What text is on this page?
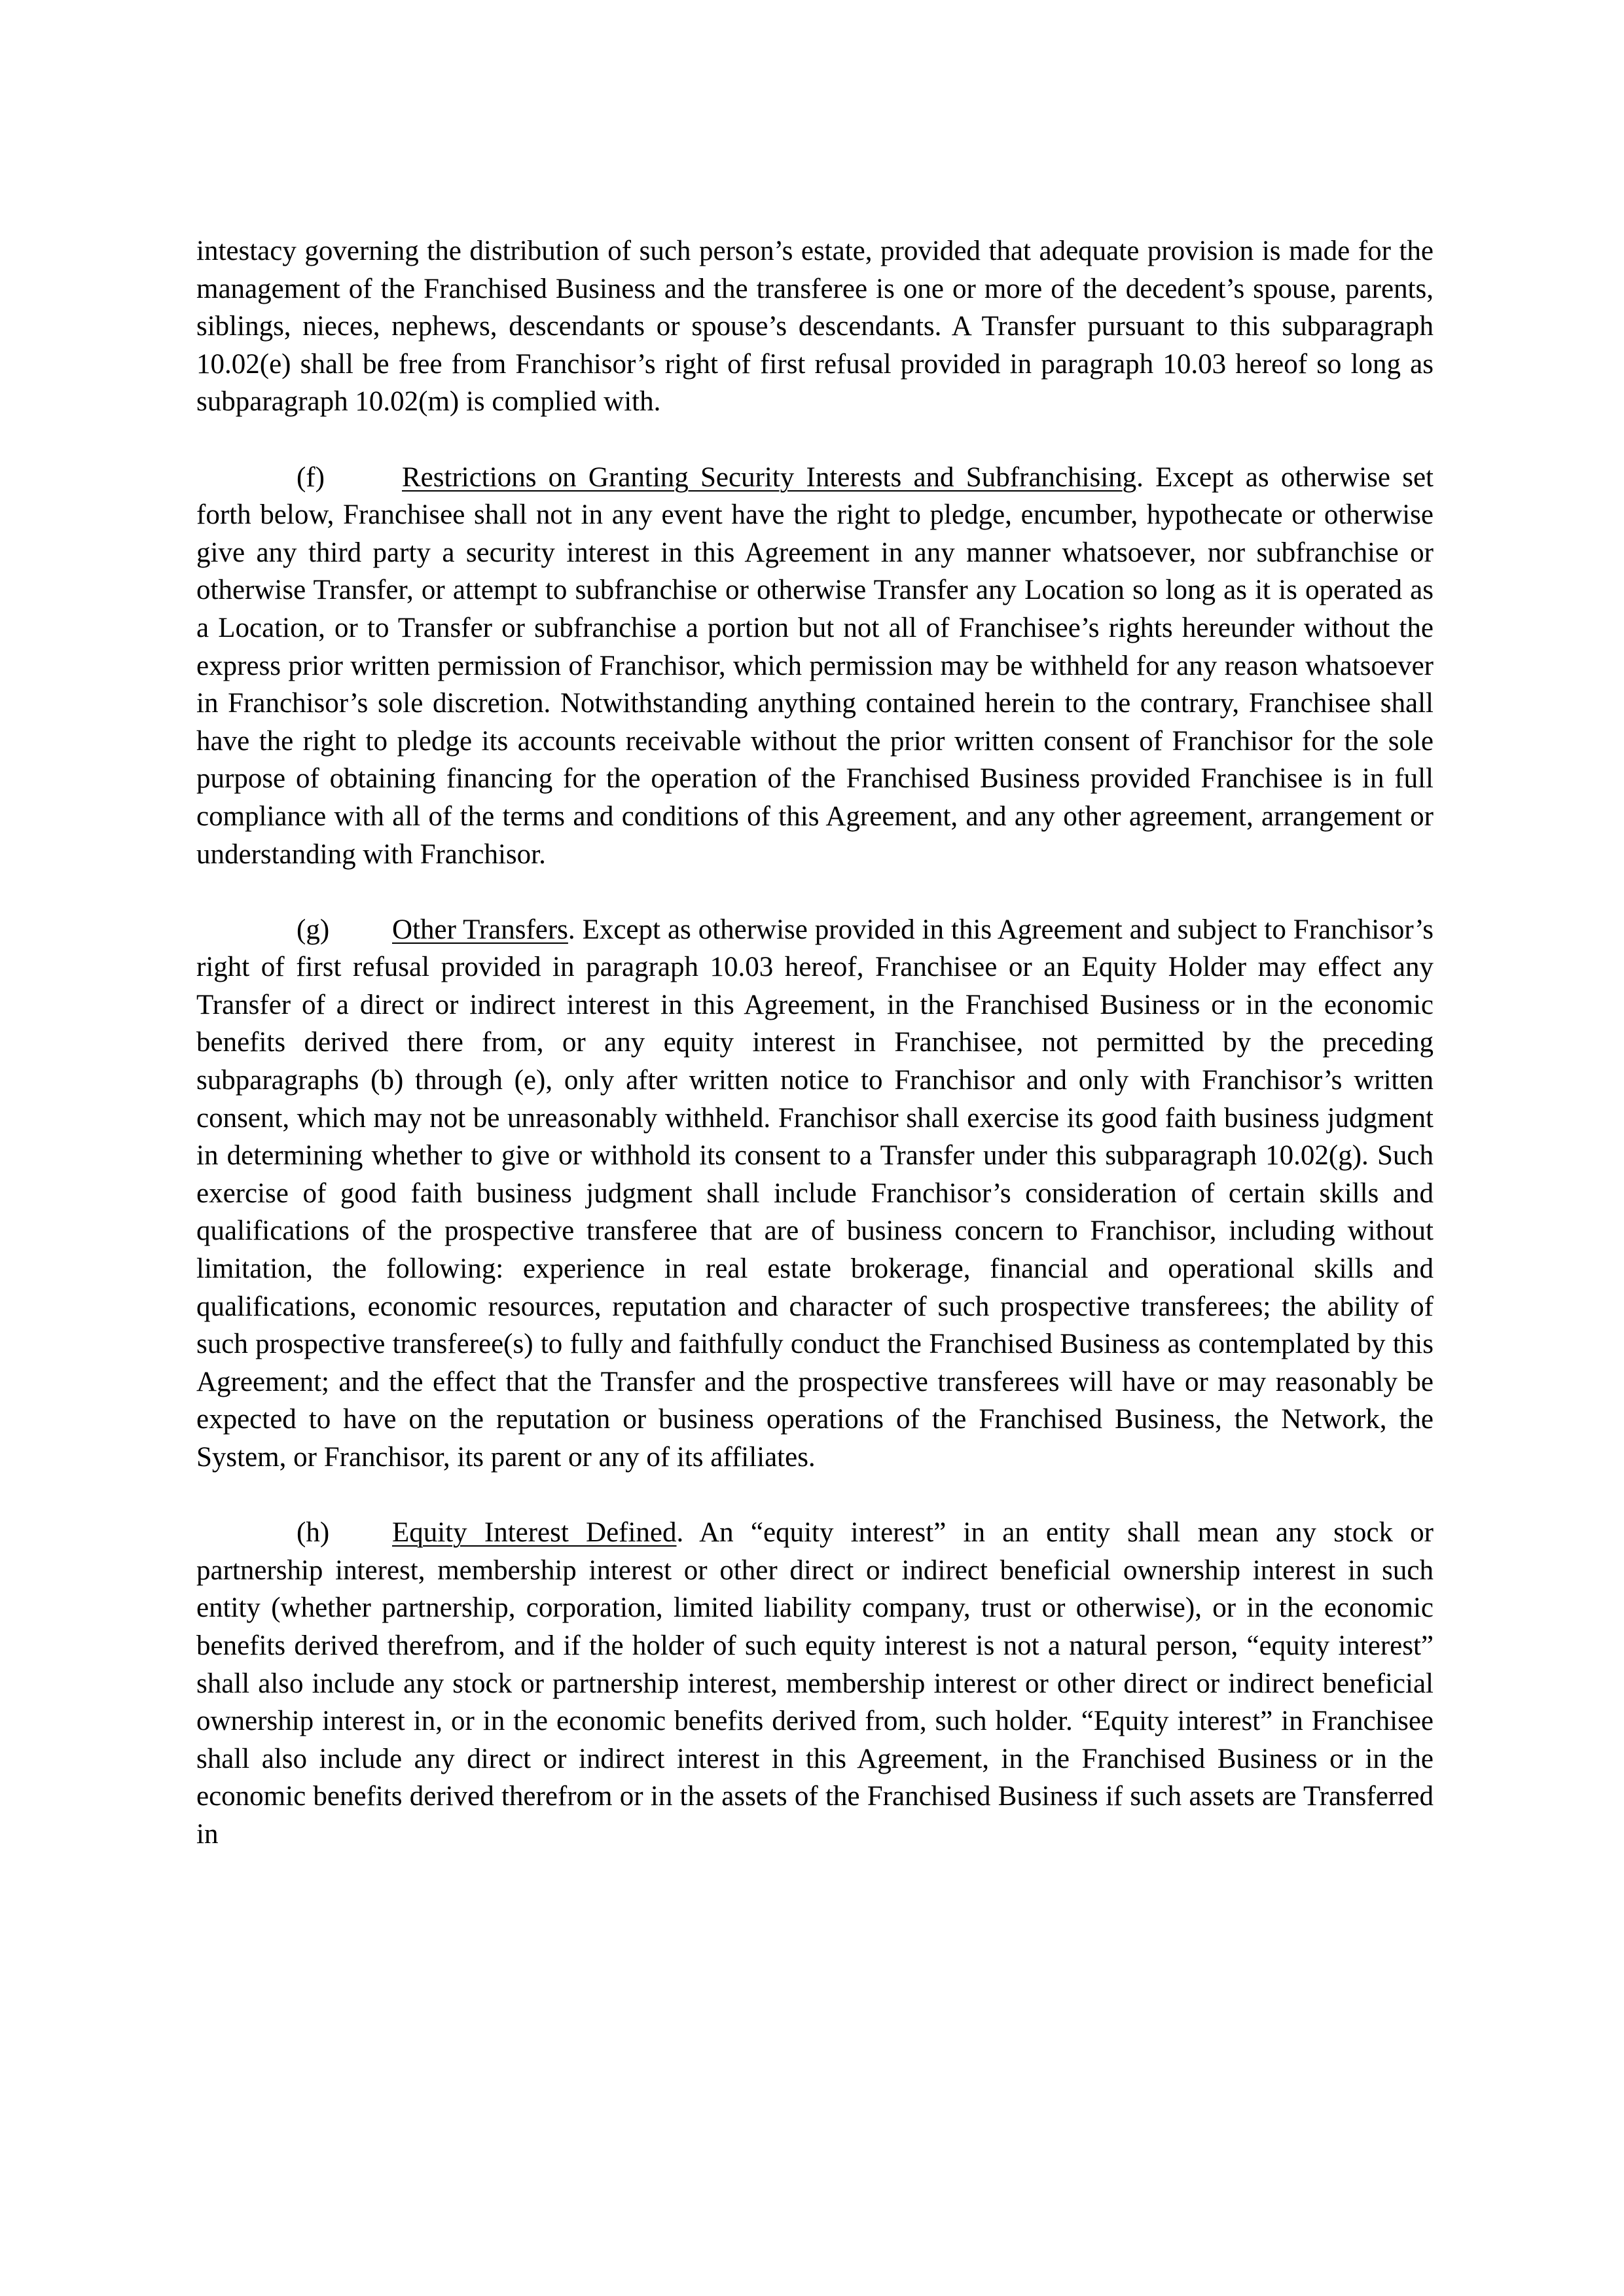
intestacy governing the distribution of such person’s estate, provided that adequate provision is made for the management of the Franchised Business and the transferee is one or more of the decedent’s spouse, parents, siblings, nieces, nephews, descendants or spouse’s descendants. A Transfer pursuant to this subparagraph 10.02(e) shall be free from Franchisor’s right of first refusal provided in paragraph 10.03 hereof so long as subparagraph 10.02(m) is complied with.

(f)	Restrictions on Granting Security Interests and Subfranchising. Except as otherwise set forth below, Franchisee shall not in any event have the right to pledge, encumber, hypothecate or otherwise give any third party a security interest in this Agreement in any manner whatsoever, nor subfranchise or otherwise Transfer, or attempt to subfranchise or otherwise Transfer any Location so long as it is operated as a Location, or to Transfer or subfranchise a portion but not all of Franchisee’s rights hereunder without the express prior written permission of Franchisor, which permission may be withheld for any reason whatsoever in Franchisor’s sole discretion. Notwithstanding anything contained herein to the contrary, Franchisee shall have the right to pledge its accounts receivable without the prior written consent of Franchisor for the sole purpose of obtaining financing for the operation of the Franchised Business provided Franchisee is in full compliance with all of the terms and conditions of this Agreement, and any other agreement, arrangement or understanding with Franchisor.

(g) Other Transfers. Except as otherwise provided in this Agreement and subject to Franchisor’s right of first refusal provided in paragraph 10.03 hereof, Franchisee or an Equity Holder may effect any Transfer of a direct or indirect interest in this Agreement, in the Franchised Business or in the economic benefits derived there from, or any equity interest in Franchisee, not permitted by the preceding subparagraphs (b) through (e), only after written notice to Franchisor and only with Franchisor’s written consent, which may not be unreasonably withheld. Franchisor shall exercise its good faith business judgment in determining whether to give or withhold its consent to a Transfer under this subparagraph 10.02(g). Such exercise of good faith business judgment shall include Franchisor’s consideration of certain skills and qualifications of the prospective transferee that are of business concern to Franchisor, including without limitation, the following: experience in real estate brokerage, financial and operational skills and qualifications, economic resources, reputation and character of such prospective transferees; the ability of such prospective transferee(s) to fully and faithfully conduct the Franchised Business as contemplated by this Agreement; and the effect that the Transfer and the prospective transferees will have or may reasonably be expected to have on the reputation or business operations of the Franchised Business, the Network, the System, or Franchisor, its parent or any of its affiliates.

(h) Equity Interest Defined. An “equity interest” in an entity shall mean any stock or partnership interest, membership interest or other direct or indirect beneficial ownership interest in such entity (whether partnership, corporation, limited liability company, trust or otherwise), or in the economic benefits derived therefrom, and if the holder of such equity interest is not a natural person, “equity interest” shall also include any stock or partnership interest, membership interest or other direct or indirect beneficial ownership interest in, or in the economic benefits derived from, such holder. “Equity interest” in Franchisee shall also include any direct or indirect interest in this Agreement, in the Franchised Business or in the economic benefits derived therefrom or in the assets of the Franchised Business if such assets are Transferred in
